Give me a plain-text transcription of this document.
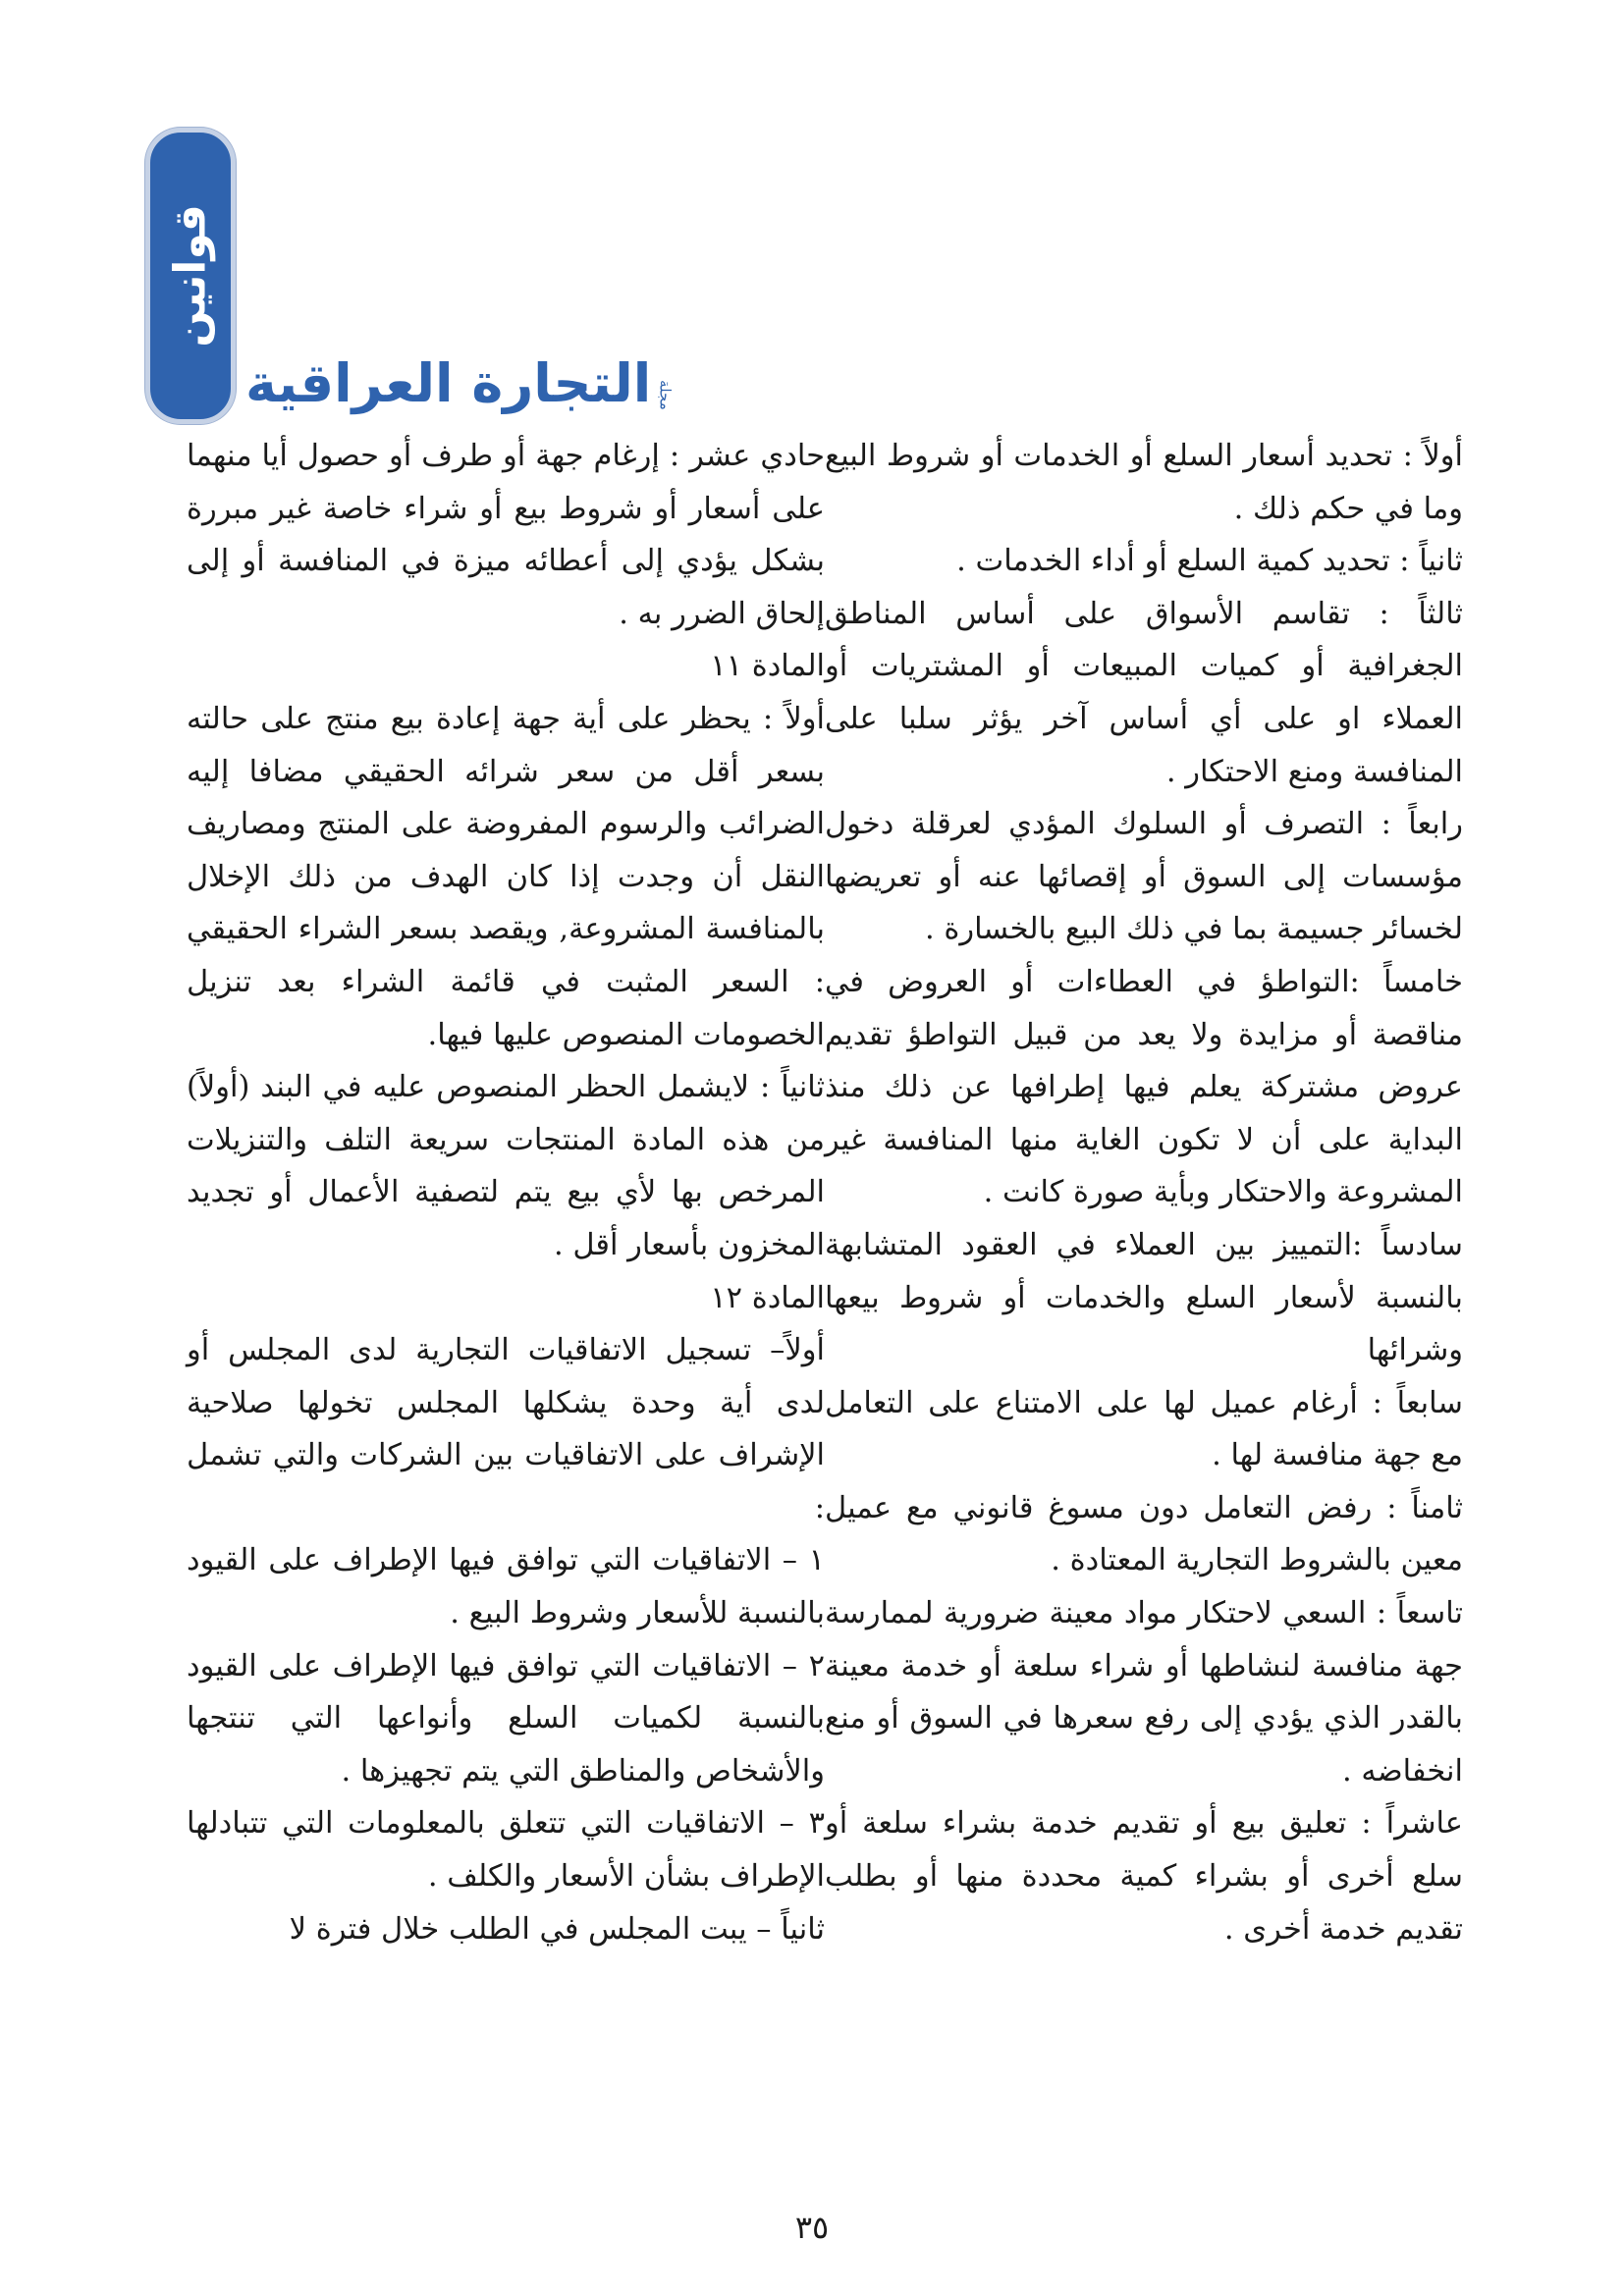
قوانين
مجلة
التجارة العراقية

أولاً : تحديد أسعار السلع أو الخدمات أو شروط البيع وما في حكم ذلك .

ثانياً : تحديد كمية السلع أو أداء الخدمات .

ثالثاً : تقاسم الأسواق على أساس المناطق الجغرافية أو كميات المبيعات أو المشتريات أو العملاء او على أي أساس آخر يؤثر سلبا على المنافسة ومنع الاحتكار .

رابعاً : التصرف أو السلوك المؤدي لعرقلة دخول مؤسسات إلى السوق أو إقصائها عنه أو تعريضها لخسائر جسيمة بما في ذلك البيع بالخسارة .

خامساً :التواطؤ في العطاءات أو العروض في مناقصة أو مزايدة ولا يعد من قبيل التواطؤ تقديم عروض مشتركة يعلم فيها إطرافها عن ذلك منذ البداية على أن لا تكون الغاية منها المنافسة غير المشروعة والاحتكار وبأية صورة كانت .

سادساً :التمييز بين العملاء في العقود المتشابهة بالنسبة لأسعار السلع والخدمات أو شروط بيعها وشرائها

سابعاً : أرغام عميل لها على الامتناع على التعامل مع جهة منافسة لها .

ثامناً : رفض التعامل دون مسوغ قانوني مع عميل معين بالشروط التجارية المعتادة .

تاسعاً : السعي لاحتكار مواد معينة ضرورية لممارسة جهة منافسة لنشاطها أو شراء سلعة أو خدمة معينة بالقدر الذي يؤدي إلى رفع سعرها في السوق أو منع انخفاضه .

عاشراً : تعليق بيع أو تقديم خدمة بشراء سلعة أو سلع أخرى أو بشراء كمية محددة منها أو بطلب تقديم خدمة أخرى .

حادي عشر : إرغام جهة أو طرف أو حصول أيا منهما على أسعار أو شروط بيع أو شراء خاصة غير مبررة بشكل يؤدي إلى أعطائه ميزة في المنافسة أو إلى إلحاق الضرر به .

المادة ١١

أولاً : يحظر على أية جهة إعادة بيع منتج على حالته بسعر أقل من سعر شرائه الحقيقي مضافا إليه الضرائب والرسوم المفروضة على المنتج ومصاريف النقل أن وجدت إذا كان الهدف من ذلك الإخلال بالمنافسة المشروعة, ويقصد بسعر الشراء الحقيقي : السعر المثبت في قائمة الشراء بعد تنزيل الخصومات المنصوص عليها فيها.

ثانياً : لايشمل الحظر المنصوص عليه في البند (أولاً) من هذه المادة المنتجات سريعة التلف والتنزيلات المرخص بها لأي بيع يتم لتصفية الأعمال أو تجديد المخزون بأسعار أقل .

المادة ١٢

أولاً– تسجيل الاتفاقيات التجارية لدى المجلس أو لدى أية وحدة يشكلها المجلس تخولها صلاحية الإشراف على الاتفاقيات بين الشركات والتي تشمل :

١ – الاتفاقيات التي توافق فيها الإطراف على القيود بالنسبة للأسعار وشروط البيع .

٢ – الاتفاقيات التي توافق فيها الإطراف على القيود بالنسبة لكميات السلع وأنواعها التي تنتجها والأشخاص والمناطق التي يتم تجهيزها .

٣ – الاتفاقيات التي تتعلق بالمعلومات التي تتبادلها الإطراف بشأن الأسعار والكلف .

ثانياً – يبت المجلس في الطلب خلال فترة لا

٣٥
